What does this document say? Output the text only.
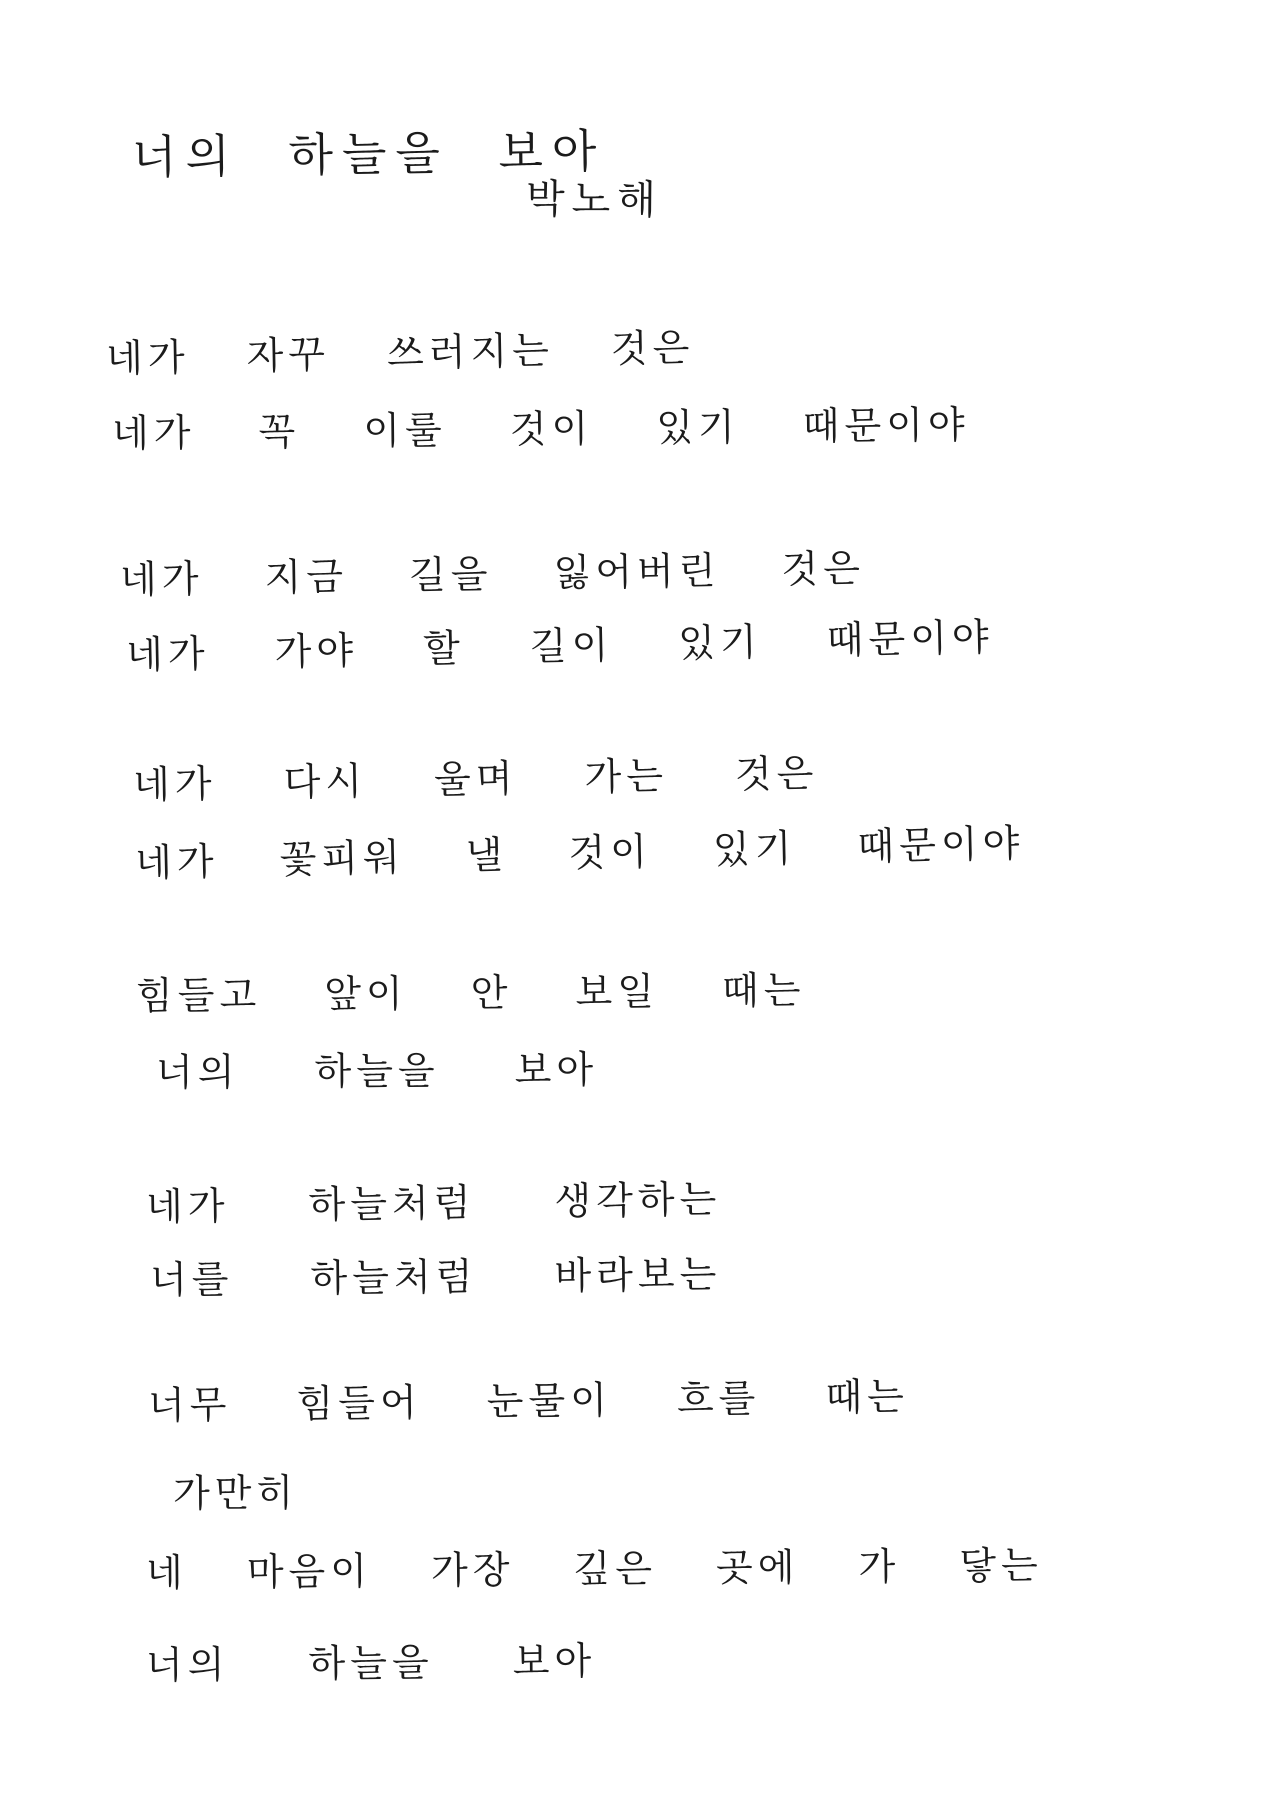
너의 하늘을 보아
박노해
네가 자꾸 쓰러지는 것은
네가 꼭 이룰 것이 있기 때문이야
네가 지금 길을 잃어버린 것은
네가 가야 할 길이 있기 때문이야
네가 다시 울며 가는 것은
네가 꽃피워 낼 것이 있기 때문이야
힘들고 앞이 안 보일 때는
너의 하늘을 보아
네가 하늘처럼 생각하는
너를 하늘처럼 바라보는
너무 힘들어 눈물이 흐를 때는
가만히
네 마음이 가장 깊은 곳에 가 닿는
너의 하늘을 보아
